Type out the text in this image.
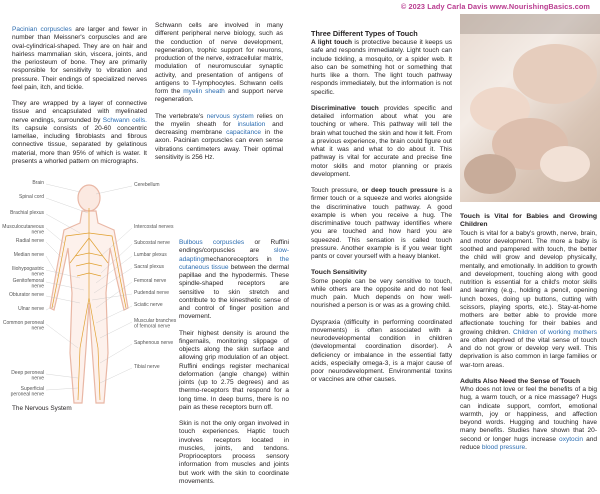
© 2023 Lady Carla Davis www.NourishingBasics.com

Pacinian corpuscles are larger and fewer in number than Meissner's corpuscles and are oval-cylindrical-shaped. They are on hair and hairless mammalian skin, viscera, joints, and the periosteum of bone. They are primarily responsible for sensitivity to vibration and pressure. Their endings of specialized nerves feel pain, itch, and tickle.

They are wrapped by a layer of connective tissue and encapsulated with myelinated nerve endings, surrounded by Schwann cells. Its capsule consists of 20-60 concentric lamellae, including fibroblasts and fibrous connective tissue, separated by gelatinous material, more than 95% of which is water. It presents a whorled pattern on micrographs.

Schwann cells are involved in many different peripheral nerve biology, such as the conduction of nerve development, regeneration, trophic support for neurons, production of the nerve, extracellular matrix, modulation of neuromuscular synaptic activity, and presentation of antigens of antigens to T-lymphocytes. Schwann cells form the myelin sheath and support nerve regeneration.

The vertebrate's nervous system relies on the myelin sheath for insulation and decreasing membrane capacitance in the axon. Pacinian corpuscles can even sense vibrations centimeters away. Their optimal sensitivity is 256 Hz.

Bulbous corpuscles or Ruffini endings/corpuscles are slow-adaptingmechanoreceptors in the cutaneous tissue between the dermal papillae and the hypodermis. These spindle-shaped receptors are sensitive to skin stretch and contribute to the kinesthetic sense of and control of finger position and movement.

Their highest density is around the fingernails, monitoring slippage of objects along the skin surface and allowing grip modulation of an object. Ruffini endings register mechanical deformation (angle change) within joints (up to 2.75 degrees) and as thermo-receptors that respond for a long time. In deep burns, there is no pain as these receptors burn off.

Skin is not the only organ involved in touch experiences. Haptic touch involves receptors located in muscles, joints, and tendons. Proprioceptors process sensory information from muscles and joints but work with the skin to coordinate movements.

Brain
Spinal cord
Brachial plexus
Musculocutaneous nerve
Radial nerve
Median nerve
Iliohypogastric nerve
Genitofemoral nerve
Obturator nerve
Ulnar nerve
Common peroneal nerve
Deep peroneal nerve
Superficial peroneal nerve
Cerebellum
Intercostal nerves
Subcostal nerve
Lumbar plexus
Sacral plexus
Femoral nerve
Pudendal nerve
Sciatic nerve
Muscular branches of femoral nerve
Saphenous nerve
Tibial nerve
The Nervous System
Three Different Types of Touch

A light touch is protective because it keeps us safe and responds immediately. Light touch can include tickling, a mosquito, or a spider web. It also can be something hot or something that hurts like a thorn. The light touch pathway responds immediately, but the information is not specific.

Discriminative touch provides specific and detailed information about what you are touching or where. This pathway will tell the brain what touched the skin and how it felt. From a previous experience, the brain could figure out what it was and what to do about it. This pathway is vital for accurate and precise fine motor skills and motor planning or praxis development.

Touch pressure, or deep touch pressure is a firmer touch or a squeeze and works alongside the discriminative touch pathway. A good example is when you receive a hug. The discriminative touch pathway identifies where you are touched and how hard you are squeezed. This sensation is called touch pressure. Another example is if you wear tight pants or cover yourself with a heavy blanket.

Touch Sensitivity

Some people can be very sensitive to touch, while others are the opposite and do not feel much pain. Much depends on how well-nourished a person is or was as a growing child.

Dyspraxia (difficulty in performing coordinated movements) is often associated with a neurodevelopmental condition in children (developmental coordination disorder). A deficiency or imbalance in the essential fatty acids, especially omega-3, is a major cause of poor neurodevelopment. Environmental toxins or vaccines are other causes.

Touch is Vital for Babies and Growing Children

Touch is vital for a baby's growth, nerve, brain, and motor development. The more a baby is soothed and pampered with touch, the better the child will grow and develop physically, mentally, and emotionally. In addition to growth and development, touching along with good nutrition is essential for a child's motor skills and learning (e.g., holding a pencil, opening lunch boxes, doing up buttons, cutting with scissors, playing sports, etc.). Stay-at-home mothers are better able to provide more affectionate touching for their babies and growing children. Children of working mothers are often deprived of the vital sense of touch and do not grow or develop very well. This deprivation is also common in large families or war-torn areas.

Adults Also Need the Sense of Touch

Who does not love or feel the benefits of a big hug, a warm touch, or a nice massage? Hugs can indicate support, comfort, emotional warmth, joy or happiness, and affection beyond words. Hugging and touching have many benefits. Studies have shown that 20-second or longer hugs increase oxytocin and reduce blood pressure.
